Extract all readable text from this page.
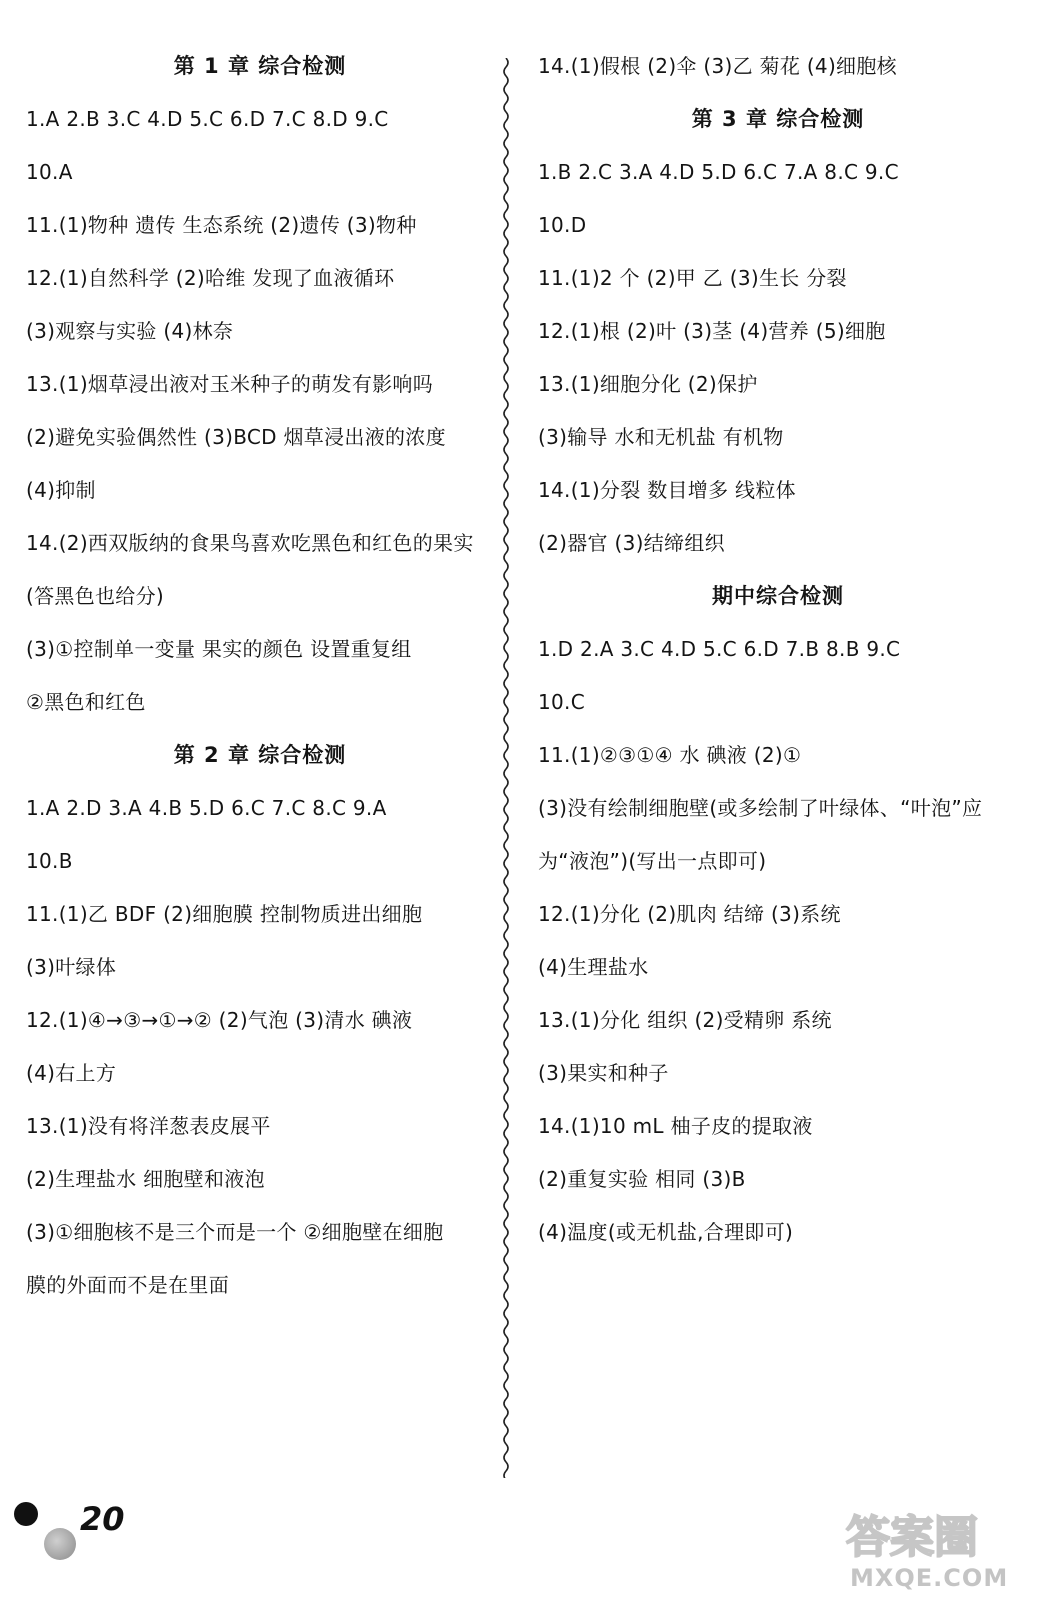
第 1 章 综合检测
1.A 2.B 3.C 4.D 5.C 6.D 7.C 8.D 9.C
10.A
11.(1)物种 遗传 生态系统 (2)遗传 (3)物种
12.(1)自然科学 (2)哈维 发现了血液循环
(3)观察与实验 (4)林奈
13.(1)烟草浸出液对玉米种子的萌发有影响吗
(2)避免实验偶然性 (3)BCD 烟草浸出液的浓度
(4)抑制
14.(2)西双版纳的食果鸟喜欢吃黑色和红色的果实
(答黑色也给分)
(3)①控制单一变量 果实的颜色 设置重复组
②黑色和红色
第 2 章 综合检测
1.A 2.D 3.A 4.B 5.D 6.C 7.C 8.C 9.A
10.B
11.(1)乙 BDF (2)细胞膜 控制物质进出细胞
(3)叶绿体
12.(1)④→③→①→② (2)气泡 (3)清水 碘液
(4)右上方
13.(1)没有将洋葱表皮展平
(2)生理盐水 细胞壁和液泡
(3)①细胞核不是三个而是一个 ②细胞壁在细胞
膜的外面而不是在里面
14.(1)假根 (2)伞 (3)乙 菊花 (4)细胞核
第 3 章 综合检测
1.B 2.C 3.A 4.D 5.D 6.C 7.A 8.C 9.C
10.D
11.(1)2 个 (2)甲 乙 (3)生长 分裂
12.(1)根 (2)叶 (3)茎 (4)营养 (5)细胞
13.(1)细胞分化 (2)保护
(3)输导 水和无机盐 有机物
14.(1)分裂 数目增多 线粒体
(2)器官 (3)结缔组织
期中综合检测
1.D 2.A 3.C 4.D 5.C 6.D 7.B 8.B 9.C
10.C
11.(1)②③①④ 水 碘液 (2)①
(3)没有绘制细胞壁(或多绘制了叶绿体、“叶泡”应
为“液泡”)(写出一点即可)
12.(1)分化 (2)肌肉 结缔 (3)系统
(4)生理盐水
13.(1)分化 组织 (2)受精卵 系统
(3)果实和种子
14.(1)10 mL 柚子皮的提取液
(2)重复实验 相同 (3)B
(4)温度(或无机盐,合理即可)
20	答案圈
MXQE.COM
